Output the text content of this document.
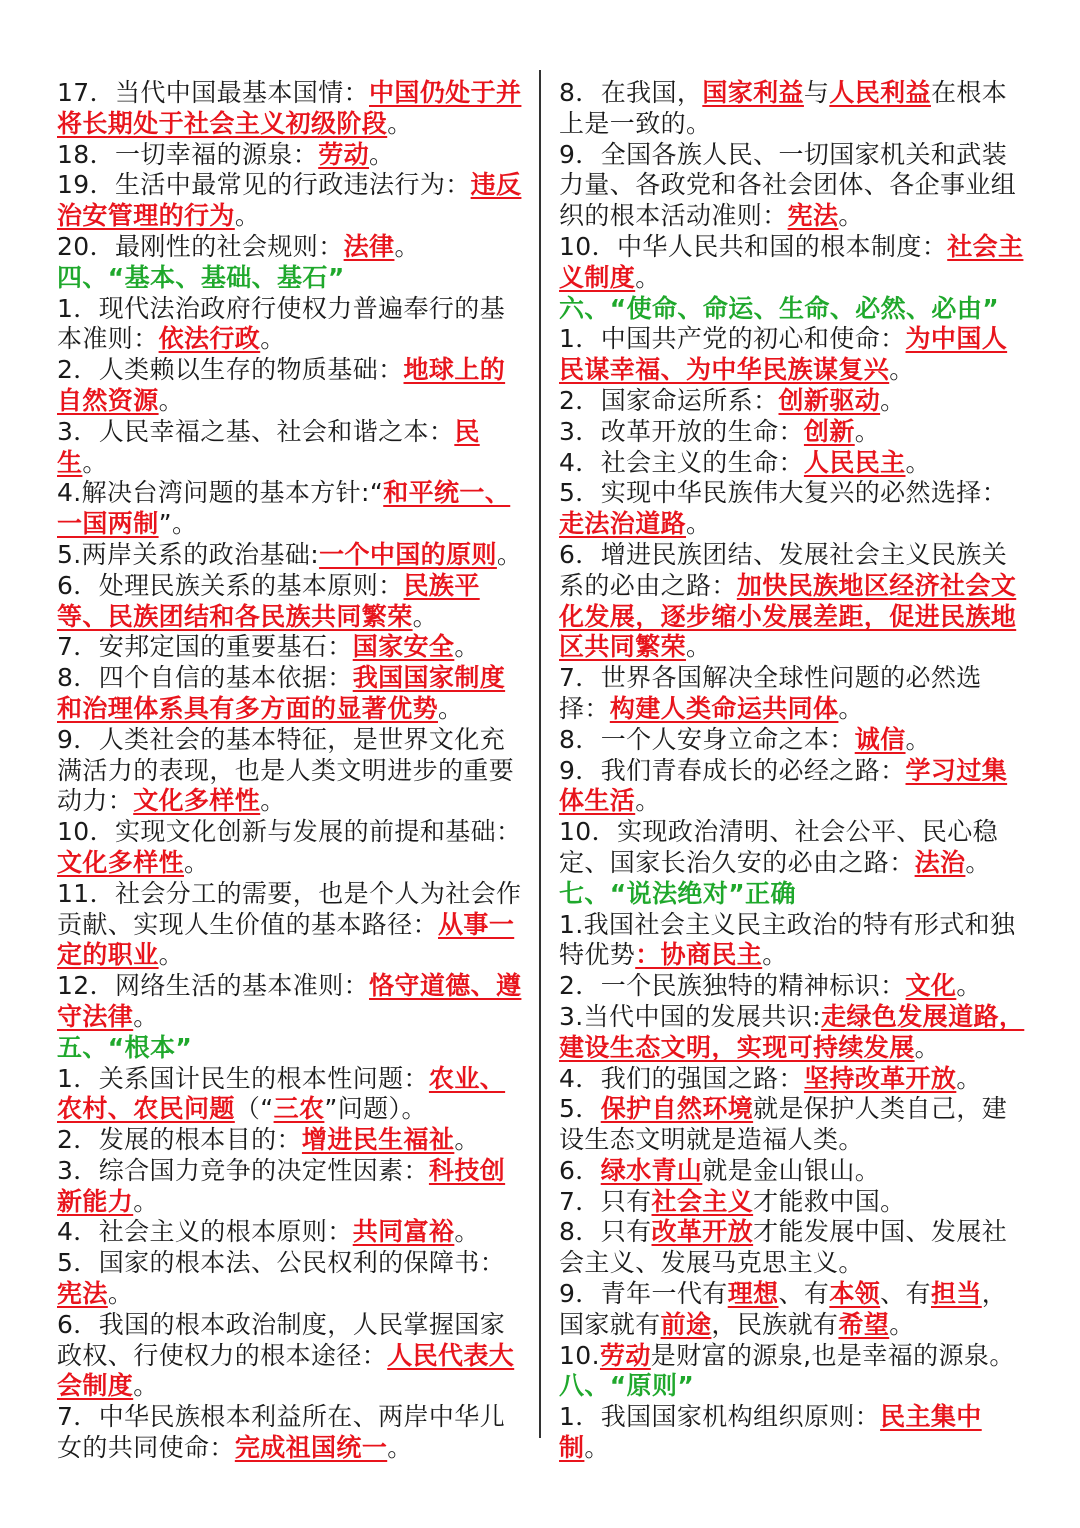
17．当代中国最基本国情：中国仍处于并将长期处于社会主义初级阶段。

18．一切幸福的源泉：劳动。

19．生活中最常见的行政违法行为：违反治安管理的行为。

20．最刚性的社会规则：法律。

四、“基本、基础、基石”

1．现代法治政府行使权力普遍奉行的基本准则：依法行政。

2．人类赖以生存的物质基础：地球上的自然资源。

3．人民幸福之基、社会和谐之本：民生。

4.解决台湾问题的基本方针:“和平统一、一国两制”。

5.两岸关系的政治基础:一个中国的原则。

6．处理民族关系的基本原则：民族平等、民族团结和各民族共同繁荣。

7．安邦定国的重要基石：国家安全。

8．四个自信的基本依据：我国国家制度和治理体系具有多方面的显著优势。

9．人类社会的基本特征，是世界文化充满活力的表现，也是人类文明进步的重要动力：文化多样性。

10．实现文化创新与发展的前提和基础：文化多样性。

11．社会分工的需要，也是个人为社会作贡献、实现人生价值的基本路径：从事一定的职业。

12．网络生活的基本准则：恪守道德、遵守法律。

五、“根本”

1．关系国计民生的根本性问题：农业、农村、农民问题（“三农”问题）。

2．发展的根本目的：增进民生福祉。

3．综合国力竞争的决定性因素：科技创新能力。

4．社会主义的根本原则：共同富裕。

5．国家的根本法、公民权利的保障书：宪法。

6．我国的根本政治制度，人民掌握国家政权、行使权力的根本途径：人民代表大会制度。

7．中华民族根本利益所在、两岸中华儿女的共同使命：完成祖国统一。

8．在我国，国家利益与人民利益在根本上是一致的。

9．全国各族人民、一切国家机关和武装力量、各政党和各社会团体、各企事业组织的根本活动准则：宪法。

10．中华人民共和国的根本制度：社会主义制度。

六、“使命、命运、生命、必然、必由”

1．中国共产党的初心和使命：为中国人民谋幸福、为中华民族谋复兴。

2．国家命运所系：创新驱动。

3．改革开放的生命：创新。

4．社会主义的生命：人民民主。

5．实现中华民族伟大复兴的必然选择：走法治道路。

6．增进民族团结、发展社会主义民族关系的必由之路：加快民族地区经济社会文化发展，逐步缩小发展差距，促进民族地区共同繁荣。

7．世界各国解决全球性问题的必然选择：构建人类命运共同体。

8．一个人安身立命之本：诚信。

9．我们青春成长的必经之路：学习过集体生活。

10．实现政治清明、社会公平、民心稳定、国家长治久安的必由之路：法治。

七、“说法绝对”正确

1.我国社会主义民主政治的特有形式和独特优势：协商民主。

2．一个民族独特的精神标识：文化。

3.当代中国的发展共识:走绿色发展道路，建设生态文明，实现可持续发展。

4．我们的强国之路：坚持改革开放。

5．保护自然环境就是保护人类自己，建设生态文明就是造福人类。

6．绿水青山就是金山银山。

7．只有社会主义才能救中国。

8．只有改革开放才能发展中国、发展社会主义、发展马克思主义。

9．青年一代有理想、有本领、有担当，国家就有前途，民族就有希望。

10.劳动是财富的源泉,也是幸福的源泉。

八、“原则”

1．我国国家机构组织原则：民主集中制。
